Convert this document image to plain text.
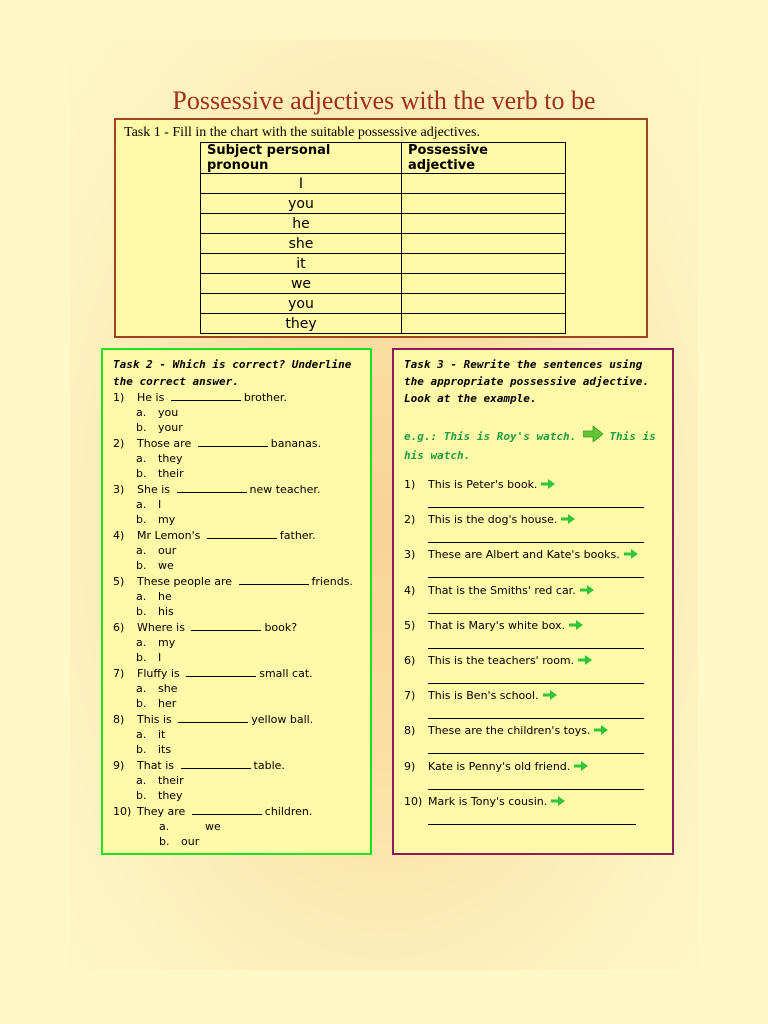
Possessive adjectives with the verb to be
Task 1 - Fill in the chart with the suitable possessive adjectives.
Subject personal pronoun	Possessive adjective
I	
you	
he	
she	
it	
we	
you	
they	
Task 2 - Which is correct? Underline the correct answer.
1) He is	brother.
a. you
b. your
2) Those are	bananas.
a. they
b. their
3) She is	new teacher.
a. I
b. my
4) Mr Lemon's	father.
a. our
b. we
5) These people are	friends.
a. he
b. his
6) Where is	book?
a. my
b. I
7) Fluffy is	small cat.
a. she
b. her
8) This is	yellow ball.
a. it
b. its
9) That is	table.
a. their
b. they
10) They are	children.
a.	we
b. our
Task 3 - Rewrite the sentences using the appropriate possessive adjective. Look at the example.
e.g.: This is Roy's watch.	This is his watch.
1) This is Peter's book.
2) This is the dog's house.
3) These are Albert and Kate's books.
4) That is the Smiths' red car.
5) That is Mary's white box.
6) This is the teachers' room.
7) This is Ben's school.
8) These are the children's toys.
9) Kate is Penny's old friend.
10) Mark is Tony's cousin.
